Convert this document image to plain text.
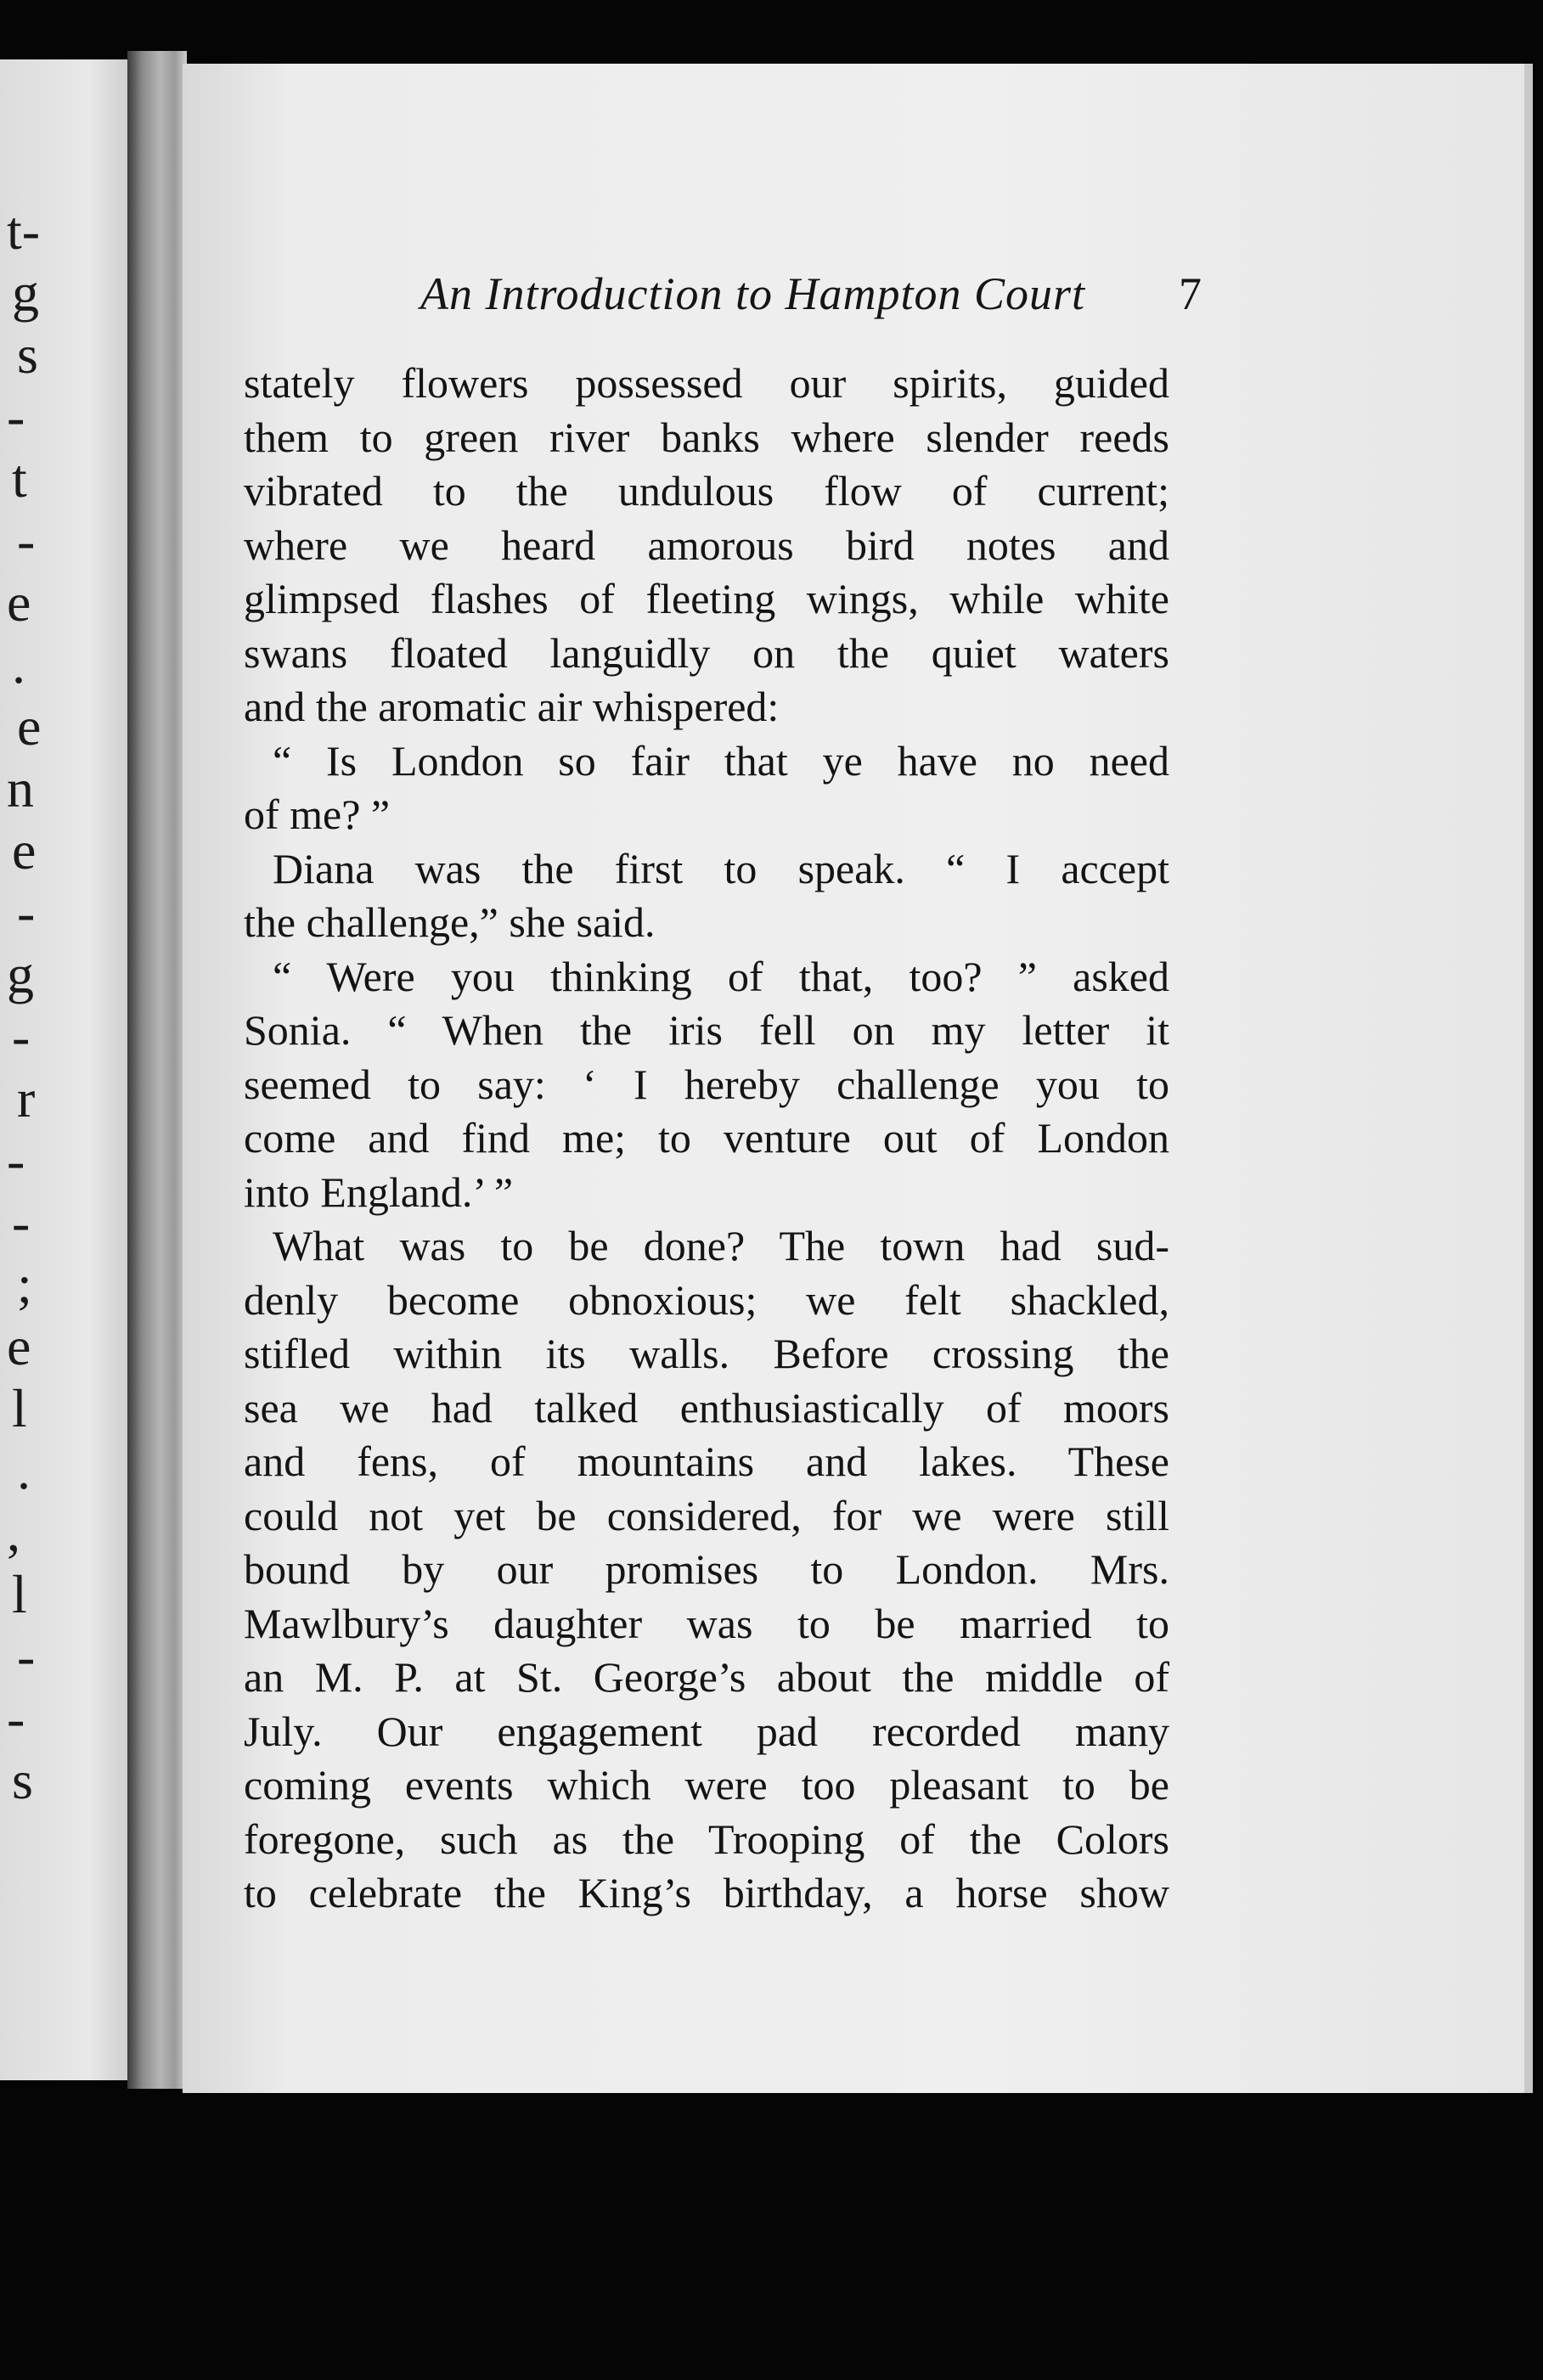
t-
g
s
-
t
-
e
.
e
n
e
-
g
-
r
-
-
;
e
l
.
,
l
-
-
s
An Introduction to Hampton Court 7
stately flowers possessed our spirits, guided
them to green river banks where slender reeds
vibrated to the undulous flow of current;
where we heard amorous bird notes and
glimpsed flashes of fleeting wings, while white
swans floated languidly on the quiet waters
and the aromatic air whispered:
“ Is London so fair that ye have no need
of me? ”
Diana was the first to speak. “ I accept
the challenge,” she said.
“ Were you thinking of that, too? ” asked
Sonia. “ When the iris fell on my letter it
seemed to say: ‘ I hereby challenge you to
come and find me; to venture out of London
into England.’ ”
What was to be done? The town had sud-
denly become obnoxious; we felt shackled,
stifled within its walls. Before crossing the
sea we had talked enthusiastically of moors
and fens, of mountains and lakes. These
could not yet be considered, for we were still
bound by our promises to London. Mrs.
Mawlbury’s daughter was to be married to
an M. P. at St. George’s about the middle of
July. Our engagement pad recorded many
coming events which were too pleasant to be
foregone, such as the Trooping of the Colors
to celebrate the King’s birthday, a horse show
